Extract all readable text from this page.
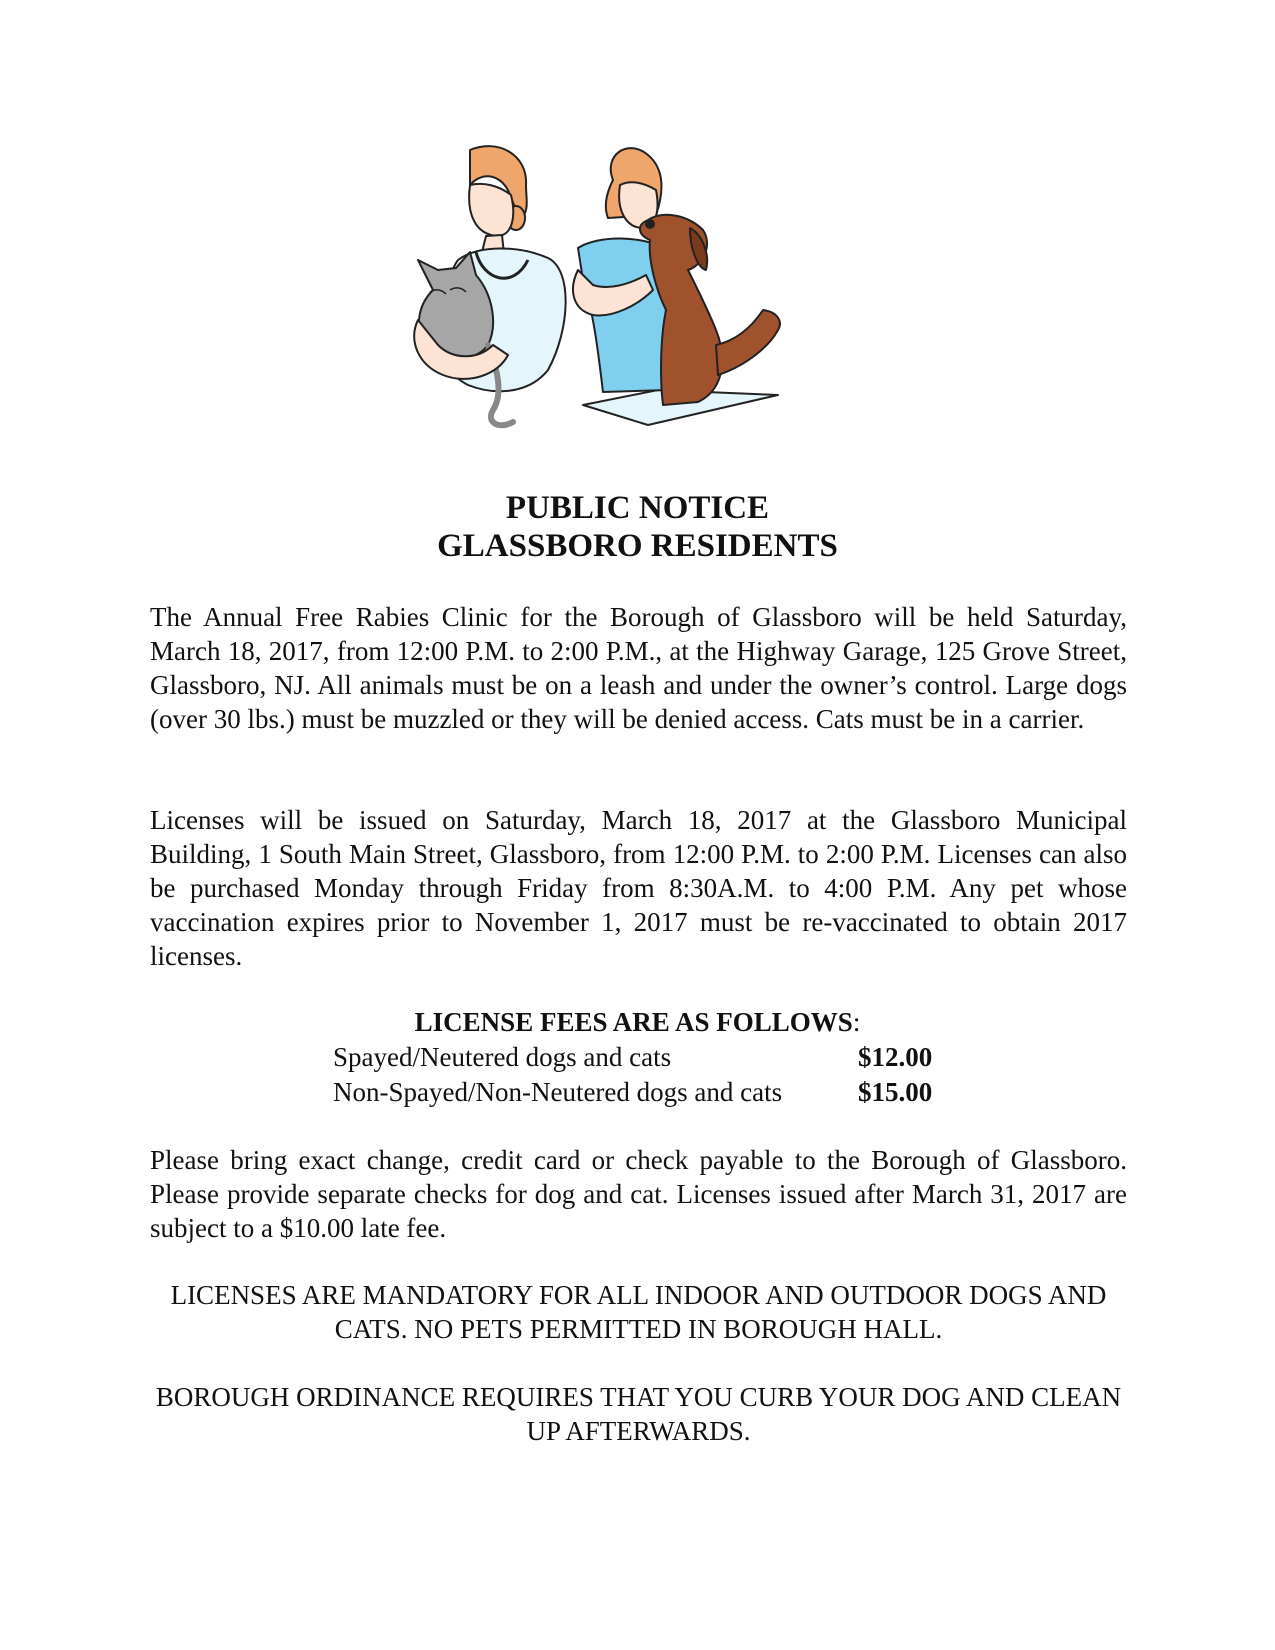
PUBLIC NOTICE
GLASSBORO RESIDENTS

The Annual Free Rabies Clinic for the Borough of Glassboro will be held Saturday, March 18, 2017, from 12:00 P.M. to 2:00 P.M., at the Highway Garage, 125 Grove Street, Glassboro, NJ. All animals must be on a leash and under the owner’s control. Large dogs (over 30 lbs.) must be muzzled or they will be denied access. Cats must be in a carrier.

Licenses will be issued on Saturday, March 18, 2017 at the Glassboro Municipal Building, 1 South Main Street, Glassboro, from 12:00 P.M. to 2:00 P.M. Licenses can also be purchased Monday through Friday from 8:30A.M. to 4:00 P.M. Any pet whose vaccination expires prior to November 1, 2017 must be re-vaccinated to obtain 2017 licenses.

LICENSE FEES ARE AS FOLLOWS:
Spayed/Neutered dogs and cats	$12.00
Non-Spayed/Non-Neutered dogs and cats	$15.00

Please bring exact change, credit card or check payable to the Borough of Glassboro. Please provide separate checks for dog and cat. Licenses issued after March 31, 2017 are subject to a $10.00 late fee.

LICENSES ARE MANDATORY FOR ALL INDOOR AND OUTDOOR DOGS AND CATS. NO PETS PERMITTED IN BOROUGH HALL.

BOROUGH ORDINANCE REQUIRES THAT YOU CURB YOUR DOG AND CLEAN UP AFTERWARDS.
